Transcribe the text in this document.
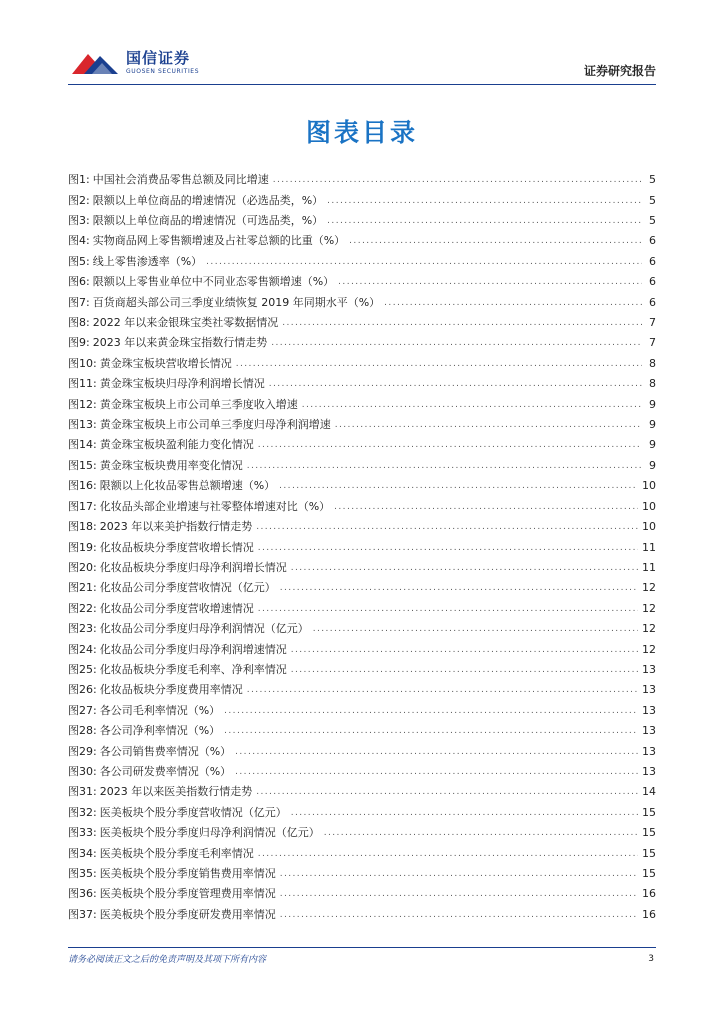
国信证券
GUOSEN SECURITIES	证券研究报告
图表目录
图1: 中国社会消费品零售总额及同比增速 .....	5
图2: 限额以上单位商品的增速情况（必选品类，%） .....	5
图3: 限额以上单位商品的增速情况（可选品类，%） .....	5
图4: 实物商品网上零售额增速及占社零总额的比重（%） .....	6
图5: 线上零售渗透率（%） .....	6
图6: 限额以上零售业单位中不同业态零售额增速（%） .....	6
图7: 百货商超头部公司三季度业绩恢复 2019 年同期水平（%） .....	6
图8: 2022 年以来金银珠宝类社零数据情况 .....	7
图9: 2023 年以来黄金珠宝指数行情走势 .....	7
图10: 黄金珠宝板块营收增长情况 .....	8
图11: 黄金珠宝板块归母净利润增长情况 .....	8
图12: 黄金珠宝板块上市公司单三季度收入增速 .....	9
图13: 黄金珠宝板块上市公司单三季度归母净利润增速 .....	9
图14: 黄金珠宝板块盈利能力变化情况 .....	9
图15: 黄金珠宝板块费用率变化情况 .....	9
图16: 限额以上化妆品零售总额增速（%） .....	10
图17: 化妆品头部企业增速与社零整体增速对比（%） .....	10
图18: 2023 年以来美护指数行情走势 .....	10
图19: 化妆品板块分季度营收增长情况 .....	11
图20: 化妆品板块分季度归母净利润增长情况 .....	11
图21: 化妆品公司分季度营收情况（亿元） .....	12
图22: 化妆品公司分季度营收增速情况 .....	12
图23: 化妆品公司分季度归母净利润情况（亿元） .....	12
图24: 化妆品公司分季度归母净利润增速情况 .....	12
图25: 化妆品板块分季度毛利率、净利率情况 .....	13
图26: 化妆品板块分季度费用率情况 .....	13
图27: 各公司毛利率情况（%） .....	13
图28: 各公司净利率情况（%） .....	13
图29: 各公司销售费率情况（%） .....	13
图30: 各公司研发费率情况（%） .....	13
图31: 2023 年以来医美指数行情走势 .....	14
图32: 医美板块个股分季度营收情况（亿元） .....	15
图33: 医美板块个股分季度归母净利润情况（亿元） .....	15
图34: 医美板块个股分季度毛利率情况 .....	15
图35: 医美板块个股分季度销售费用率情况 .....	15
图36: 医美板块个股分季度管理费用率情况 .....	16
图37: 医美板块个股分季度研发费用率情况 .....	16
请务必阅读正文之后的免责声明及其项下所有内容	3
